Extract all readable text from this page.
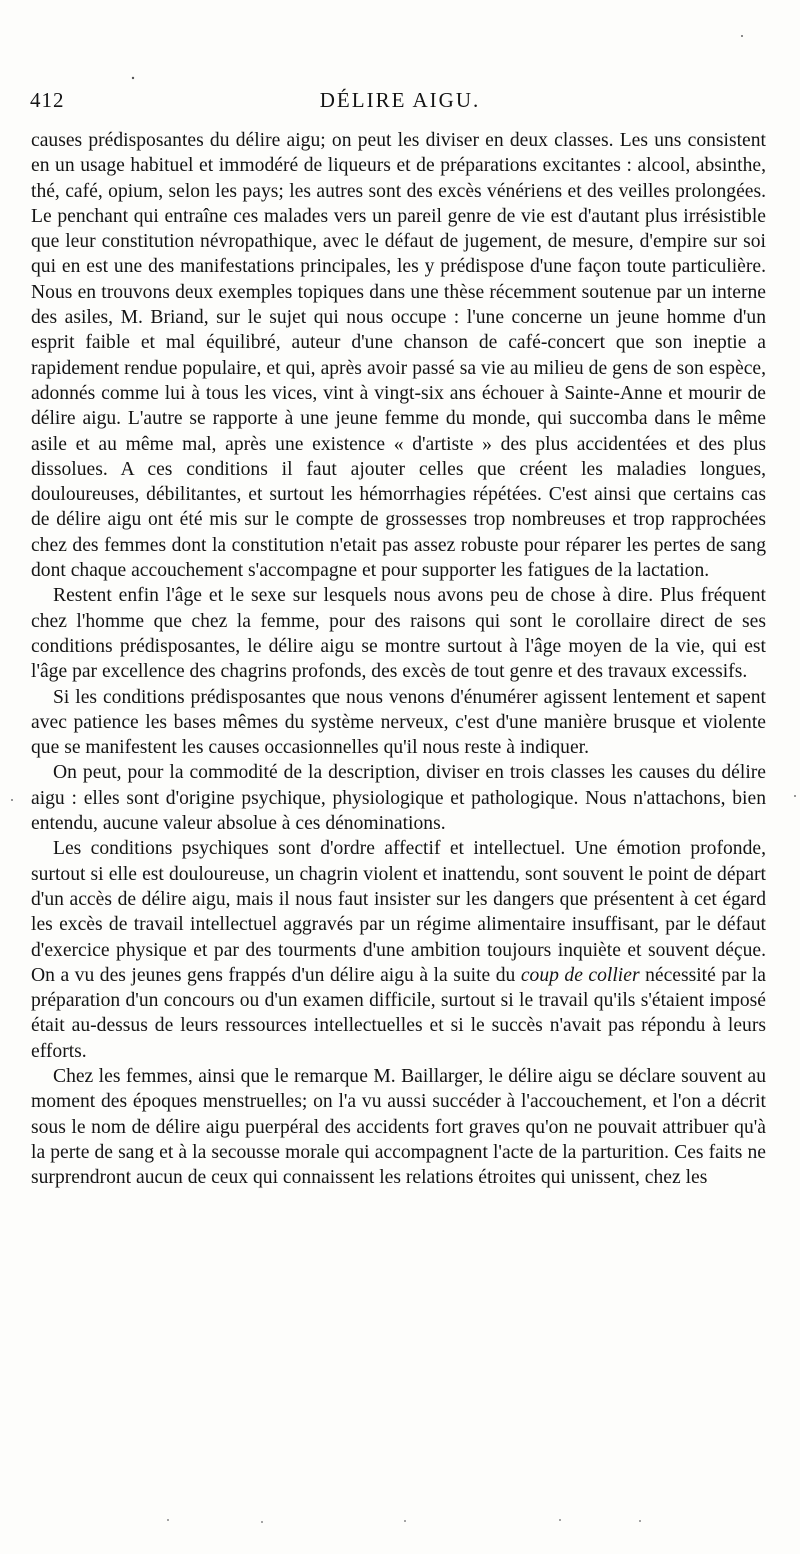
412	DÉLIRE AIGU.

causes prédisposantes du délire aigu; on peut les diviser en deux classes. Les uns consistent en un usage habituel et immodéré de liqueurs et de préparations excitantes : alcool, absinthe, thé, café, opium, selon les pays; les autres sont des excès vénériens et des veilles prolongées. Le penchant qui entraîne ces malades vers un pareil genre de vie est d'autant plus irrésistible que leur constitution névropathique, avec le défaut de jugement, de mesure, d'empire sur soi qui en est une des manifestations principales, les y prédispose d'une façon toute particulière. Nous en trouvons deux exemples topiques dans une thèse récemment soutenue par un interne des asiles, M. Briand, sur le sujet qui nous occupe : l'une concerne un jeune homme d'un esprit faible et mal équilibré, auteur d'une chanson de café-concert que son ineptie a rapidement rendue populaire, et qui, après avoir passé sa vie au milieu de gens de son espèce, adonnés comme lui à tous les vices, vint à vingt-six ans échouer à Sainte-Anne et mourir de délire aigu. L'autre se rapporte à une jeune femme du monde, qui succomba dans le même asile et au même mal, après une existence « d'artiste » des plus accidentées et des plus dissolues. A ces conditions il faut ajouter celles que créent les maladies longues, douloureuses, débilitantes, et surtout les hémorrhagies répétées. C'est ainsi que certains cas de délire aigu ont été mis sur le compte de grossesses trop nombreuses et trop rapprochées chez des femmes dont la constitution n'etait pas assez robuste pour réparer les pertes de sang dont chaque accouchement s'accompagne et pour supporter les fatigues de la lactation.

Restent enfin l'âge et le sexe sur lesquels nous avons peu de chose à dire. Plus fréquent chez l'homme que chez la femme, pour des raisons qui sont le corollaire direct de ses conditions prédisposantes, le délire aigu se montre surtout à l'âge moyen de la vie, qui est l'âge par excellence des chagrins profonds, des excès de tout genre et des travaux excessifs.

Si les conditions prédisposantes que nous venons d'énumérer agissent lentement et sapent avec patience les bases mêmes du système nerveux, c'est d'une manière brusque et violente que se manifestent les causes occasionnelles qu'il nous reste à indiquer.

On peut, pour la commodité de la description, diviser en trois classes les causes du délire aigu : elles sont d'origine psychique, physiologique et pathologique. Nous n'attachons, bien entendu, aucune valeur absolue à ces dénominations.

Les conditions psychiques sont d'ordre affectif et intellectuel. Une émotion profonde, surtout si elle est douloureuse, un chagrin violent et inattendu, sont souvent le point de départ d'un accès de délire aigu, mais il nous faut insister sur les dangers que présentent à cet égard les excès de travail intellectuel aggravés par un régime alimentaire insuffisant, par le défaut d'exercice physique et par des tourments d'une ambition toujours inquiète et souvent déçue. On a vu des jeunes gens frappés d'un délire aigu à la suite du coup de collier nécessité par la préparation d'un concours ou d'un examen difficile, surtout si le travail qu'ils s'étaient imposé était au-dessus de leurs ressources intellectuelles et si le succès n'avait pas répondu à leurs efforts.

Chez les femmes, ainsi que le remarque M. Baillarger, le délire aigu se déclare souvent au moment des époques menstruelles; on l'a vu aussi succéder à l'accouchement, et l'on a décrit sous le nom de délire aigu puerpéral des accidents fort graves qu'on ne pouvait attribuer qu'à la perte de sang et à la secousse morale qui accompagnent l'acte de la parturition. Ces faits ne surprendront aucun de ceux qui connaissent les relations étroites qui unissent, chez les
